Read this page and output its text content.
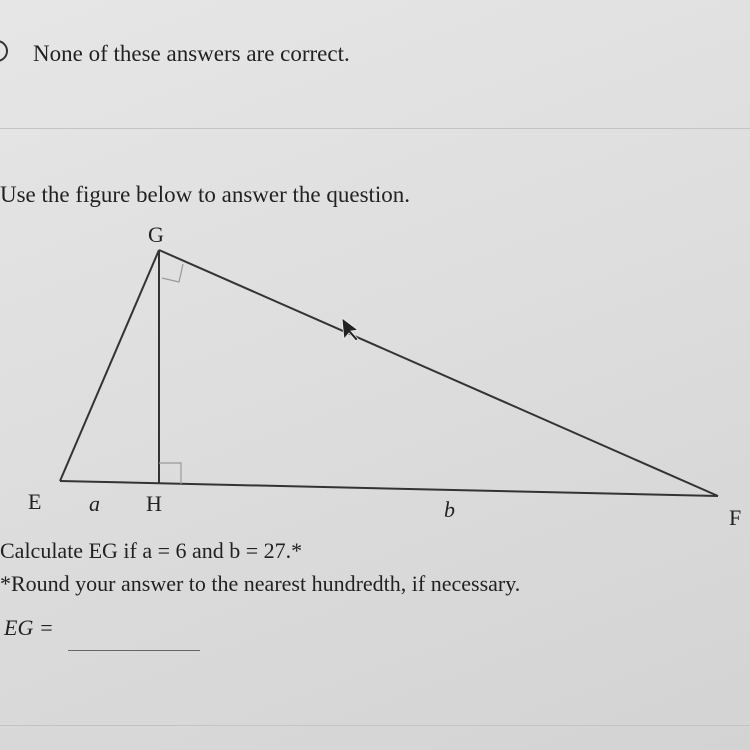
None of these answers are correct.
Use the figure below to answer the question.
G
E	H
F
a	b
Calculate EG if a = 6 and b = 27.*
*Round your answer to the nearest hundredth, if necessary.
EG =
